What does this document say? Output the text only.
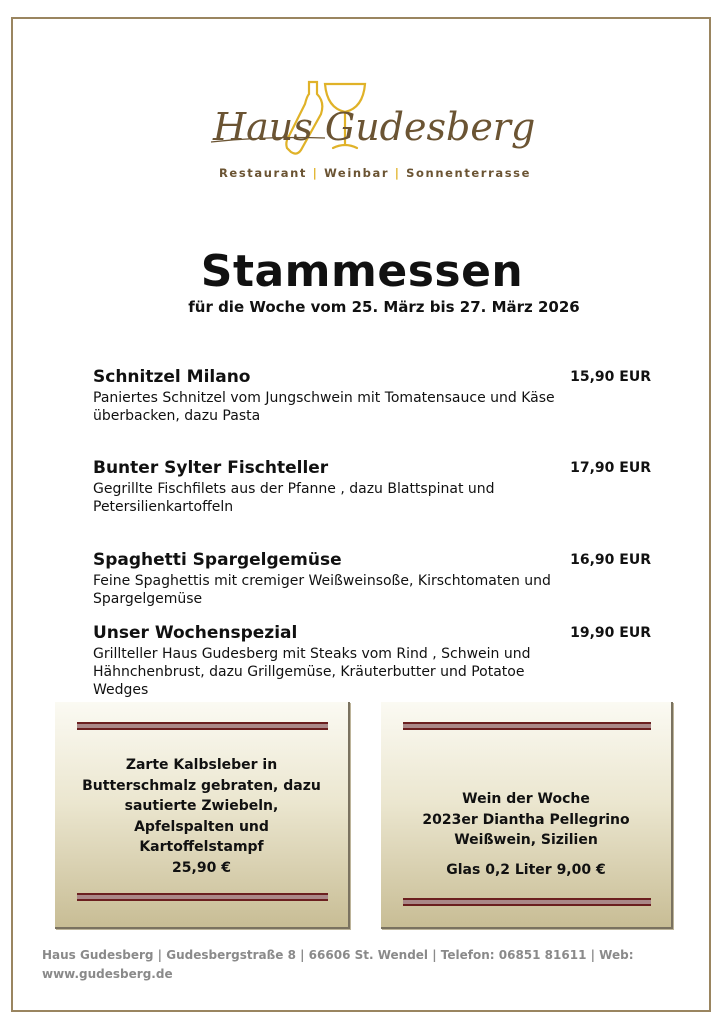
Haus Gudesberg
Restaurant | Weinbar | Sonnenterrasse
Stammessen
für die Woche vom 25. März bis 27. März 2026
Schnitzel Milano
Paniertes Schnitzel vom Jungschwein mit Tomatensauce und Käse überbacken, dazu Pasta
15,90 EUR
Bunter Sylter Fischteller
Gegrillte Fischfilets aus der Pfanne , dazu Blattspinat und Petersilienkartoffeln
17,90 EUR
Spaghetti Spargelgemüse
Feine Spaghettis mit cremiger Weißweinsoße, Kirschtomaten und Spargelgemüse
16,90 EUR
Unser Wochenspezial
Grillteller Haus Gudesberg mit Steaks vom Rind , Schwein und Hähnchenbrust, dazu Grillgemüse, Kräuterbutter und Potatoe Wedges
19,90 EUR
Zarte Kalbsleber in
Butterschmalz gebraten, dazu
sautierte Zwiebeln,
Apfelspalten und
Kartoffelstampf
25,90 €
Wein der Woche
2023er Diantha Pellegrino
Weißwein, Sizilien
Glas 0,2 Liter 9,00 €
Haus Gudesberg | Gudesbergstraße 8 | 66606 St. Wendel | Telefon: 06851 81611 | Web:
www.gudesberg.de
